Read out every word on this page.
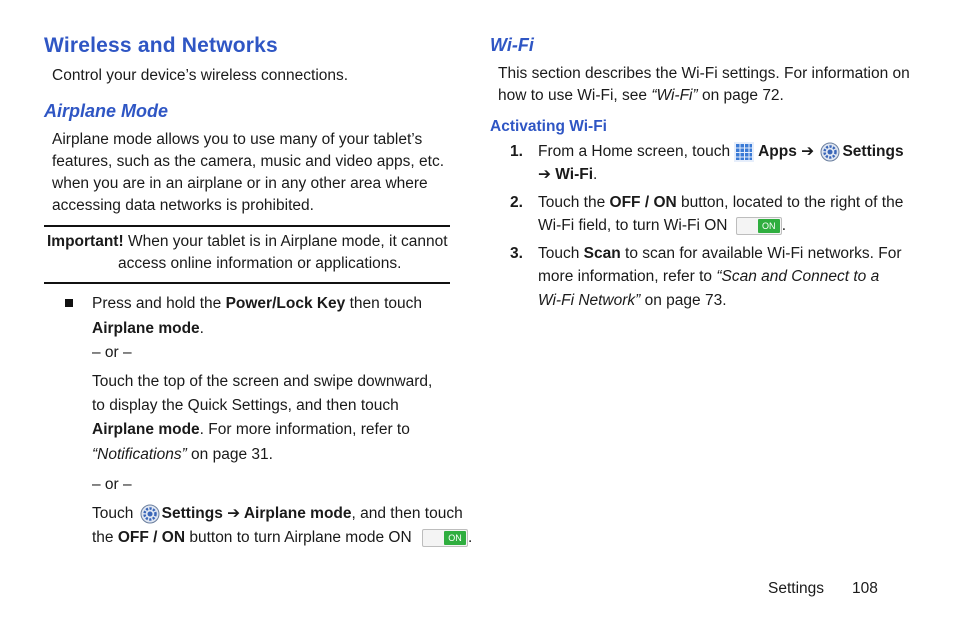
Wireless and Networks
Control your device’s wireless connections.
Airplane Mode
Airplane mode allows you to use many of your tablet’s
features, such as the camera, music and video apps, etc.
when you are in an airplane or in any other area where
accessing data networks is prohibited.
Important! When your tablet is in Airplane mode, it cannot
access online information or applications.
Press and hold the Power/Lock Key then touch
Airplane mode.
– or –
Touch the top of the screen and swipe downward,
to display the Quick Settings, and then touch
Airplane mode. For more information, refer to
“Notifications” on page 31.
– or –
Touch Settings ➔ Airplane mode, and then touch
the OFF / ON button to turn Airplane mode ON	ON .
Wi-Fi
This section describes the Wi-Fi settings. For information on
how to use Wi-Fi, see “Wi-Fi” on page 72.
Activating Wi-Fi
1. From a Home screen, touch Apps ➔ Settings
➔ Wi-Fi.
2. Touch the OFF / ON button, located to the right of the
Wi-Fi field, to turn Wi-Fi ON	ON .
3. Touch Scan to scan for available Wi-Fi networks. For
more information, refer to “Scan and Connect to a
Wi-Fi Network” on page 73.
Settings 108
